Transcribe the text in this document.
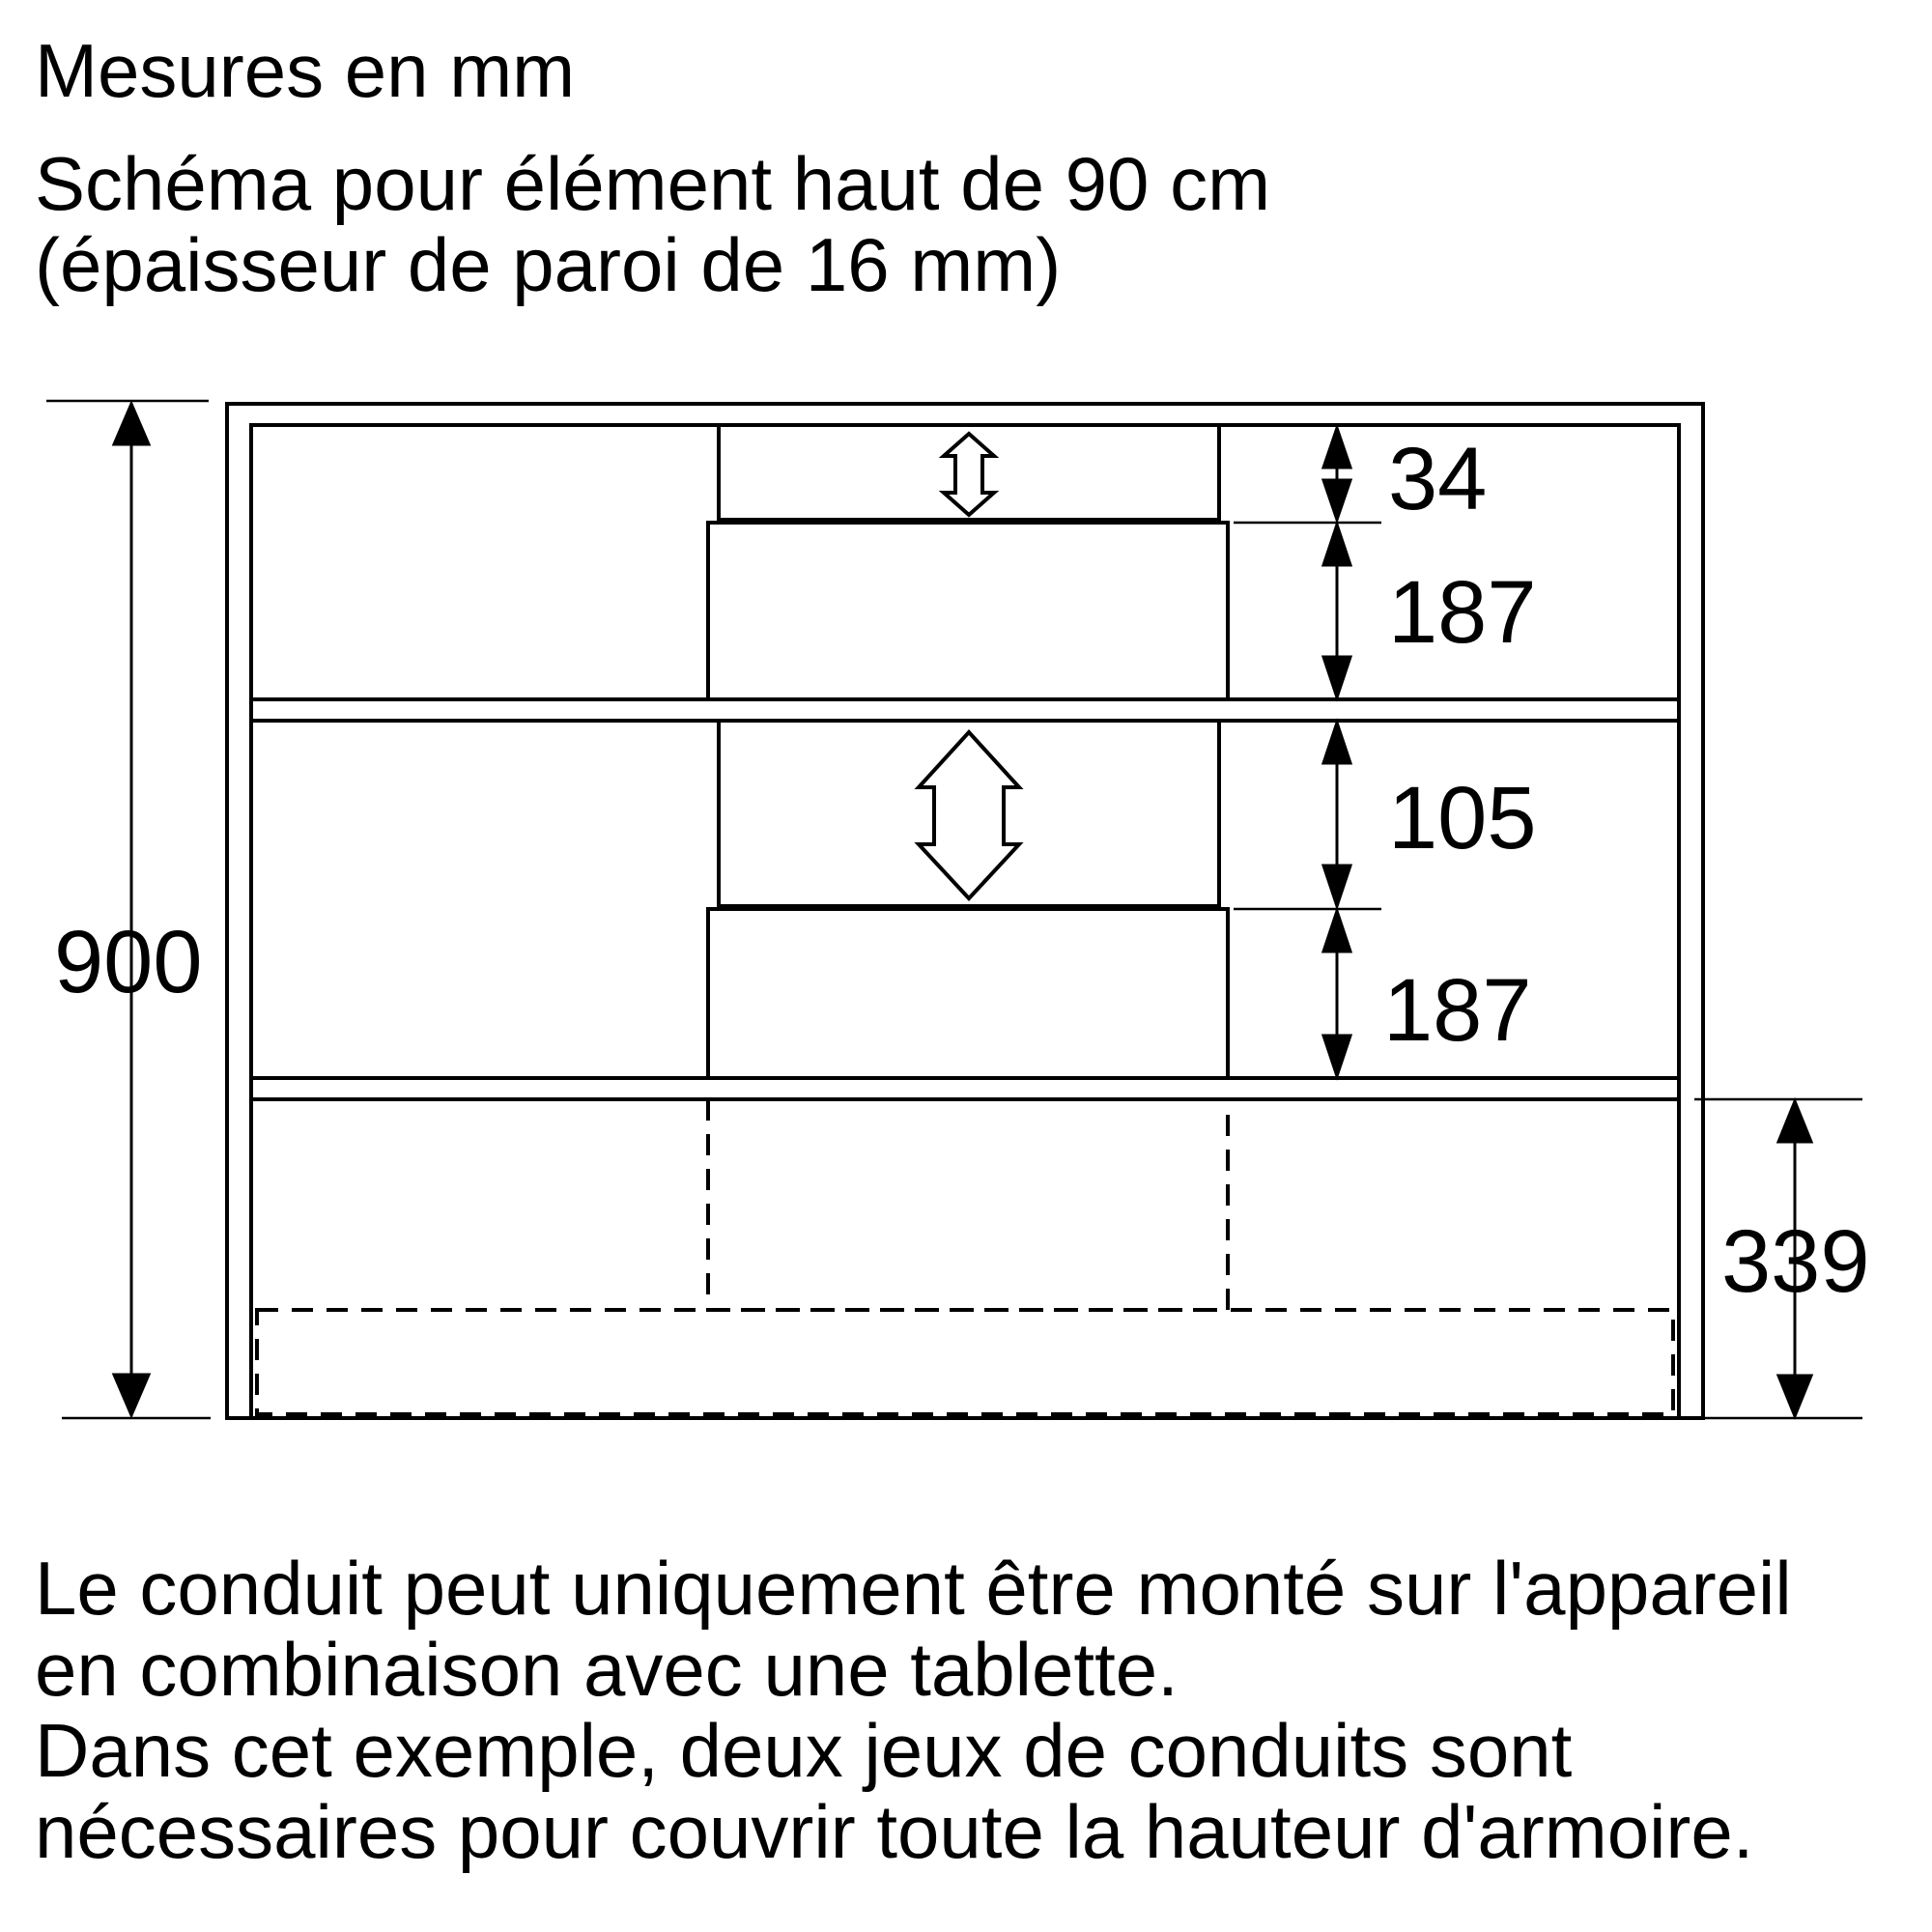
Mesures en mm
Schéma pour élément haut de 90 cm
(épaisseur de paroi de 16 mm)
900
34
187
105
187
339
Le conduit peut uniquement être monté sur l'appareil
en combinaison avec une tablette.
Dans cet exemple, deux jeux de conduits sont
nécessaires pour couvrir toute la hauteur d'armoire.
